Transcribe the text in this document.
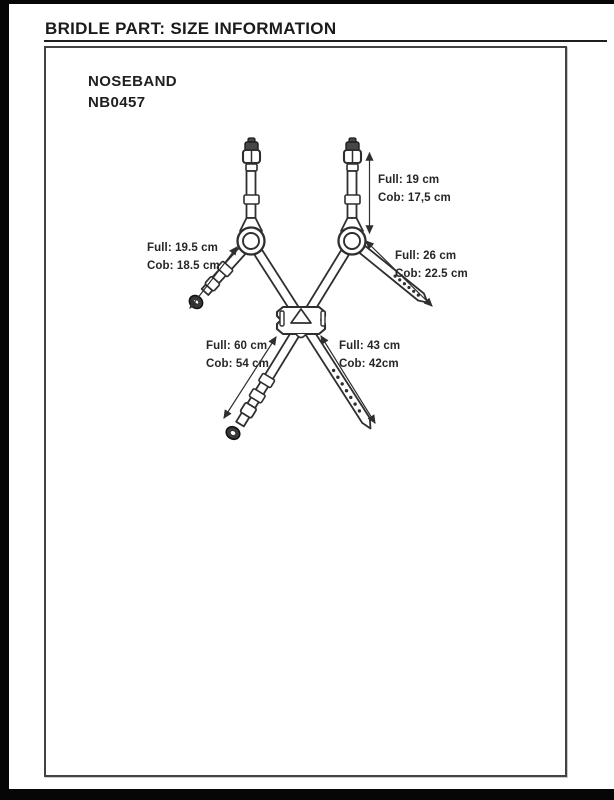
BRIDLE PART: SIZE INFORMATION
NOSEBAND
NB0457
Full: 19 cm
Cob: 17,5 cm
Full: 19.5 cm
Cob: 18.5 cm
Full: 26 cm
Cob: 22.5 cm
Full: 60 cm
Cob: 54 cm
Full: 43 cm
Cob: 42cm
